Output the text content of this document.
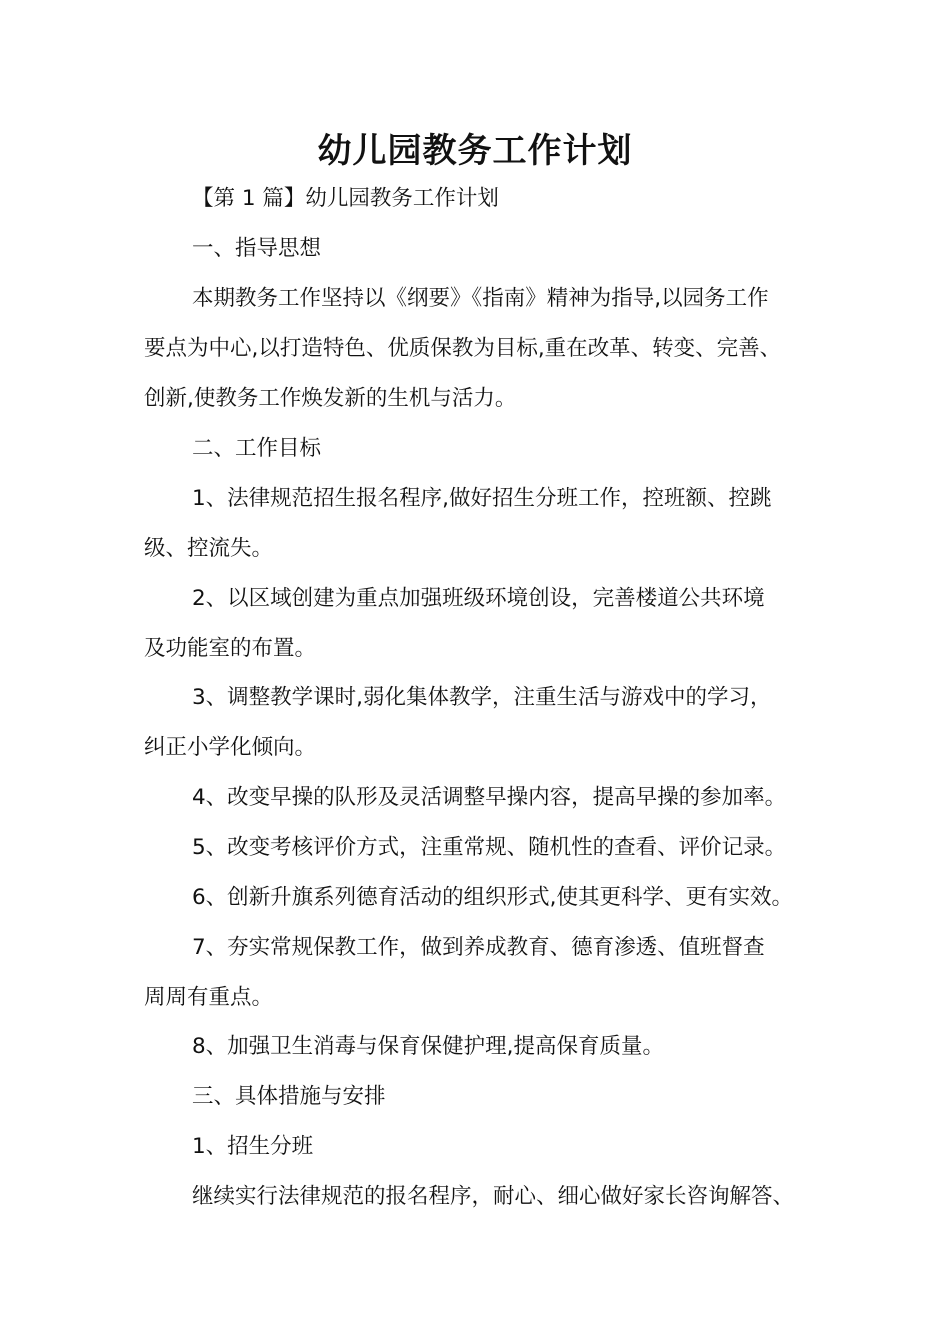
幼儿园教务工作计划
【第 1 篇】幼儿园教务工作计划
一、指导思想
本期教务工作坚持以《纲要》《指南》精神为指导,以园务工作
要点为中心,以打造特色、优质保教为目标,重在改革、转变、完善、
创新,使教务工作焕发新的生机与活力。
二、工作目标
1、法律规范招生报名程序,做好招生分班工作，控班额、控跳
级、控流失。
2、以区域创建为重点加强班级环境创设，完善楼道公共环境
及功能室的布置。
3、调整教学课时,弱化集体教学，注重生活与游戏中的学习，
纠正小学化倾向。
4、改变早操的队形及灵活调整早操内容，提高早操的参加率。
5、改变考核评价方式，注重常规、随机性的查看、评价记录。
6、创新升旗系列德育活动的组织形式,使其更科学、更有实效。
7、夯实常规保教工作，做到养成教育、德育渗透、值班督查
周周有重点。
8、加强卫生消毒与保育保健护理,提高保育质量。
三、具体措施与安排
1、招生分班
继续实行法律规范的报名程序，耐心、细心做好家长咨询解答、
